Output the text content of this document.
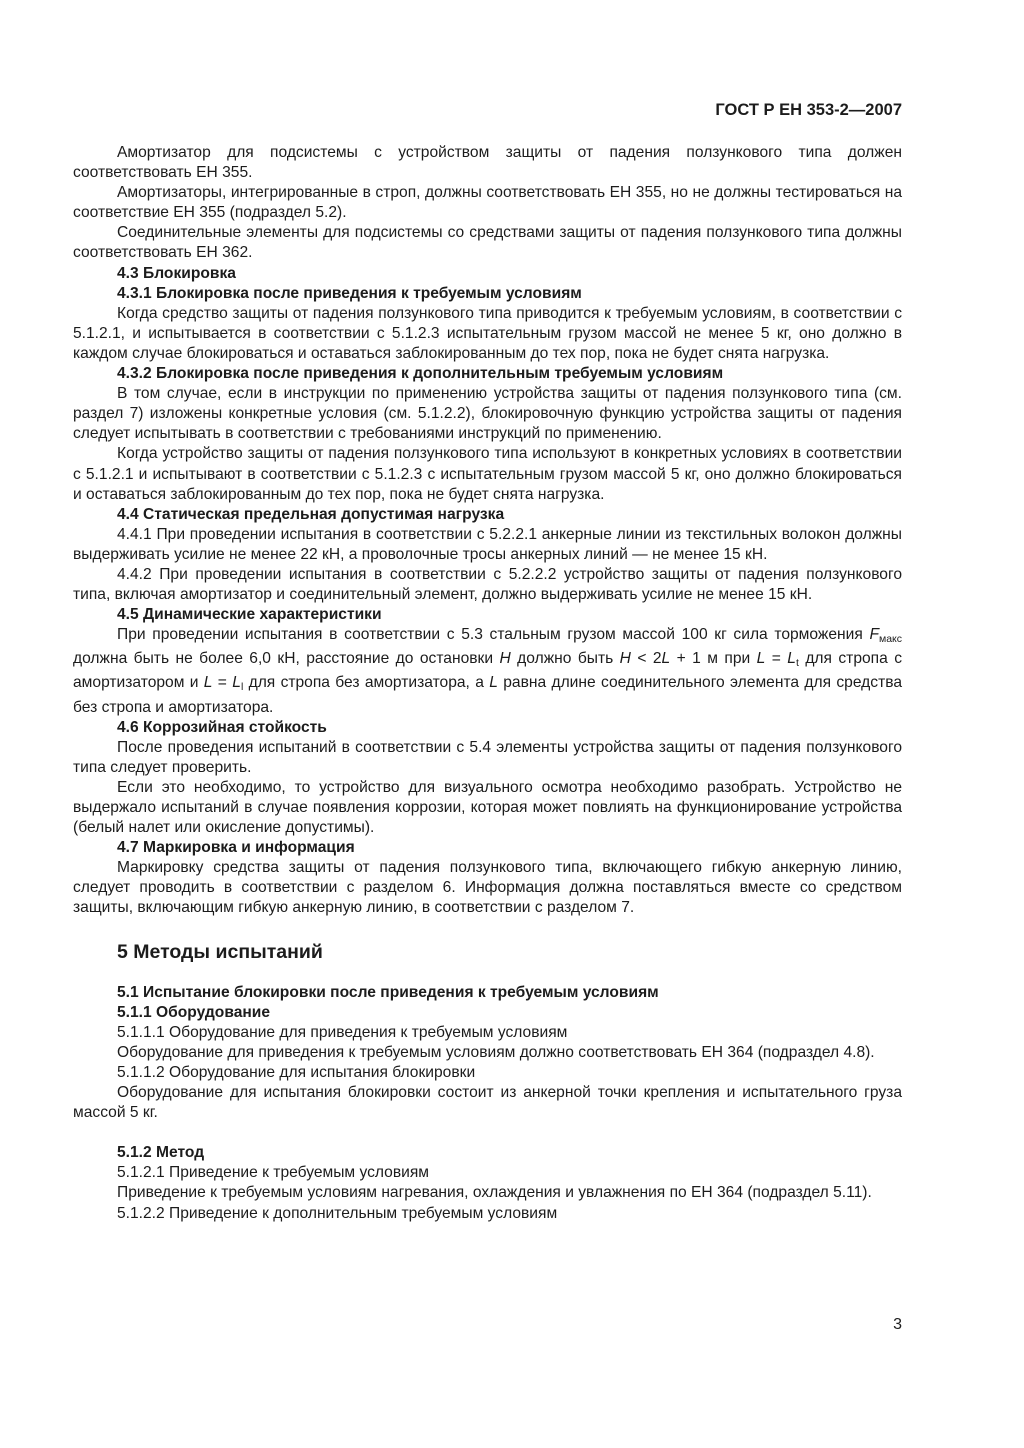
ГОСТ Р ЕН 353-2—2007

Амортизатор для подсистемы с устройством защиты от падения ползункового типа должен соответствовать ЕН 355.

Амортизаторы, интегрированные в строп, должны соответствовать ЕН 355, но не должны тестироваться на соответствие ЕН 355 (подраздел 5.2).

Соединительные элементы для подсистемы со средствами защиты от падения ползункового типа должны соответствовать ЕН 362.

4.3 Блокировка

4.3.1 Блокировка после приведения к требуемым условиям

Когда средство защиты от падения ползункового типа приводится к требуемым условиям, в соответствии с 5.1.2.1, и испытывается в соответствии с 5.1.2.3 испытательным грузом массой не менее 5 кг, оно должно в каждом случае блокироваться и оставаться заблокированным до тех пор, пока не будет снята нагрузка.

4.3.2 Блокировка после приведения к дополнительным требуемым условиям

В том случае, если в инструкции по применению устройства защиты от падения ползункового типа (см. раздел 7) изложены конкретные условия (см. 5.1.2.2), блокировочную функцию устройства защиты от падения следует испытывать в соответствии с требованиями инструкций по применению.

Когда устройство защиты от падения ползункового типа используют в конкретных условиях в соответствии с 5.1.2.1 и испытывают в соответствии с 5.1.2.3 с испытательным грузом массой 5 кг, оно должно блокироваться и оставаться заблокированным до тех пор, пока не будет снята нагрузка.

4.4 Статическая предельная допустимая нагрузка

4.4.1 При проведении испытания в соответствии с 5.2.2.1 анкерные линии из текстильных волокон должны выдерживать усилие не менее 22 кН, а проволочные тросы анкерных линий — не менее 15 кН.

4.4.2 При проведении испытания в соответствии с 5.2.2.2 устройство защиты от падения ползункового типа, включая амортизатор и соединительный элемент, должно выдерживать усилие не менее 15 кН.

4.5 Динамические характеристики

При проведении испытания в соответствии с 5.3 стальным грузом массой 100 кг сила торможения $F_{макс}$ должна быть не более 6,0 кН, расстояние до остановки H должно быть H < 2L + 1 м при $L = L_t$ для стропа с амортизатором и $L = L_l$ для стропа без амортизатора, а L равна длине соединительного элемента для средства без стропа и амортизатора.

4.6 Коррозийная стойкость

После проведения испытаний в соответствии с 5.4 элементы устройства защиты от падения ползункового типа следует проверить.

Если это необходимо, то устройство для визуального осмотра необходимо разобрать. Устройство не выдержало испытаний в случае появления коррозии, которая может повлиять на функционирование устройства (белый налет или окисление допустимы).

4.7 Маркировка и информация

Маркировку средства защиты от падения ползункового типа, включающего гибкую анкерную линию, следует проводить в соответствии с разделом 6. Информация должна поставляться вместе со средством защиты, включающим гибкую анкерную линию, в соответствии с разделом 7.

5 Методы испытаний

5.1 Испытание блокировки после приведения к требуемым условиям

5.1.1 Оборудование

5.1.1.1 Оборудование для приведения к требуемым условиям

Оборудование для приведения к требуемым условиям должно соответствовать ЕН 364 (подраздел 4.8).

5.1.1.2 Оборудование для испытания блокировки

Оборудование для испытания блокировки состоит из анкерной точки крепления и испытательного груза массой 5 кг.

5.1.2 Метод

5.1.2.1 Приведение к требуемым условиям

Приведение к требуемым условиям нагревания, охлаждения и увлажнения по ЕН 364 (подраздел 5.11).

5.1.2.2 Приведение к дополнительным требуемым условиям

3
